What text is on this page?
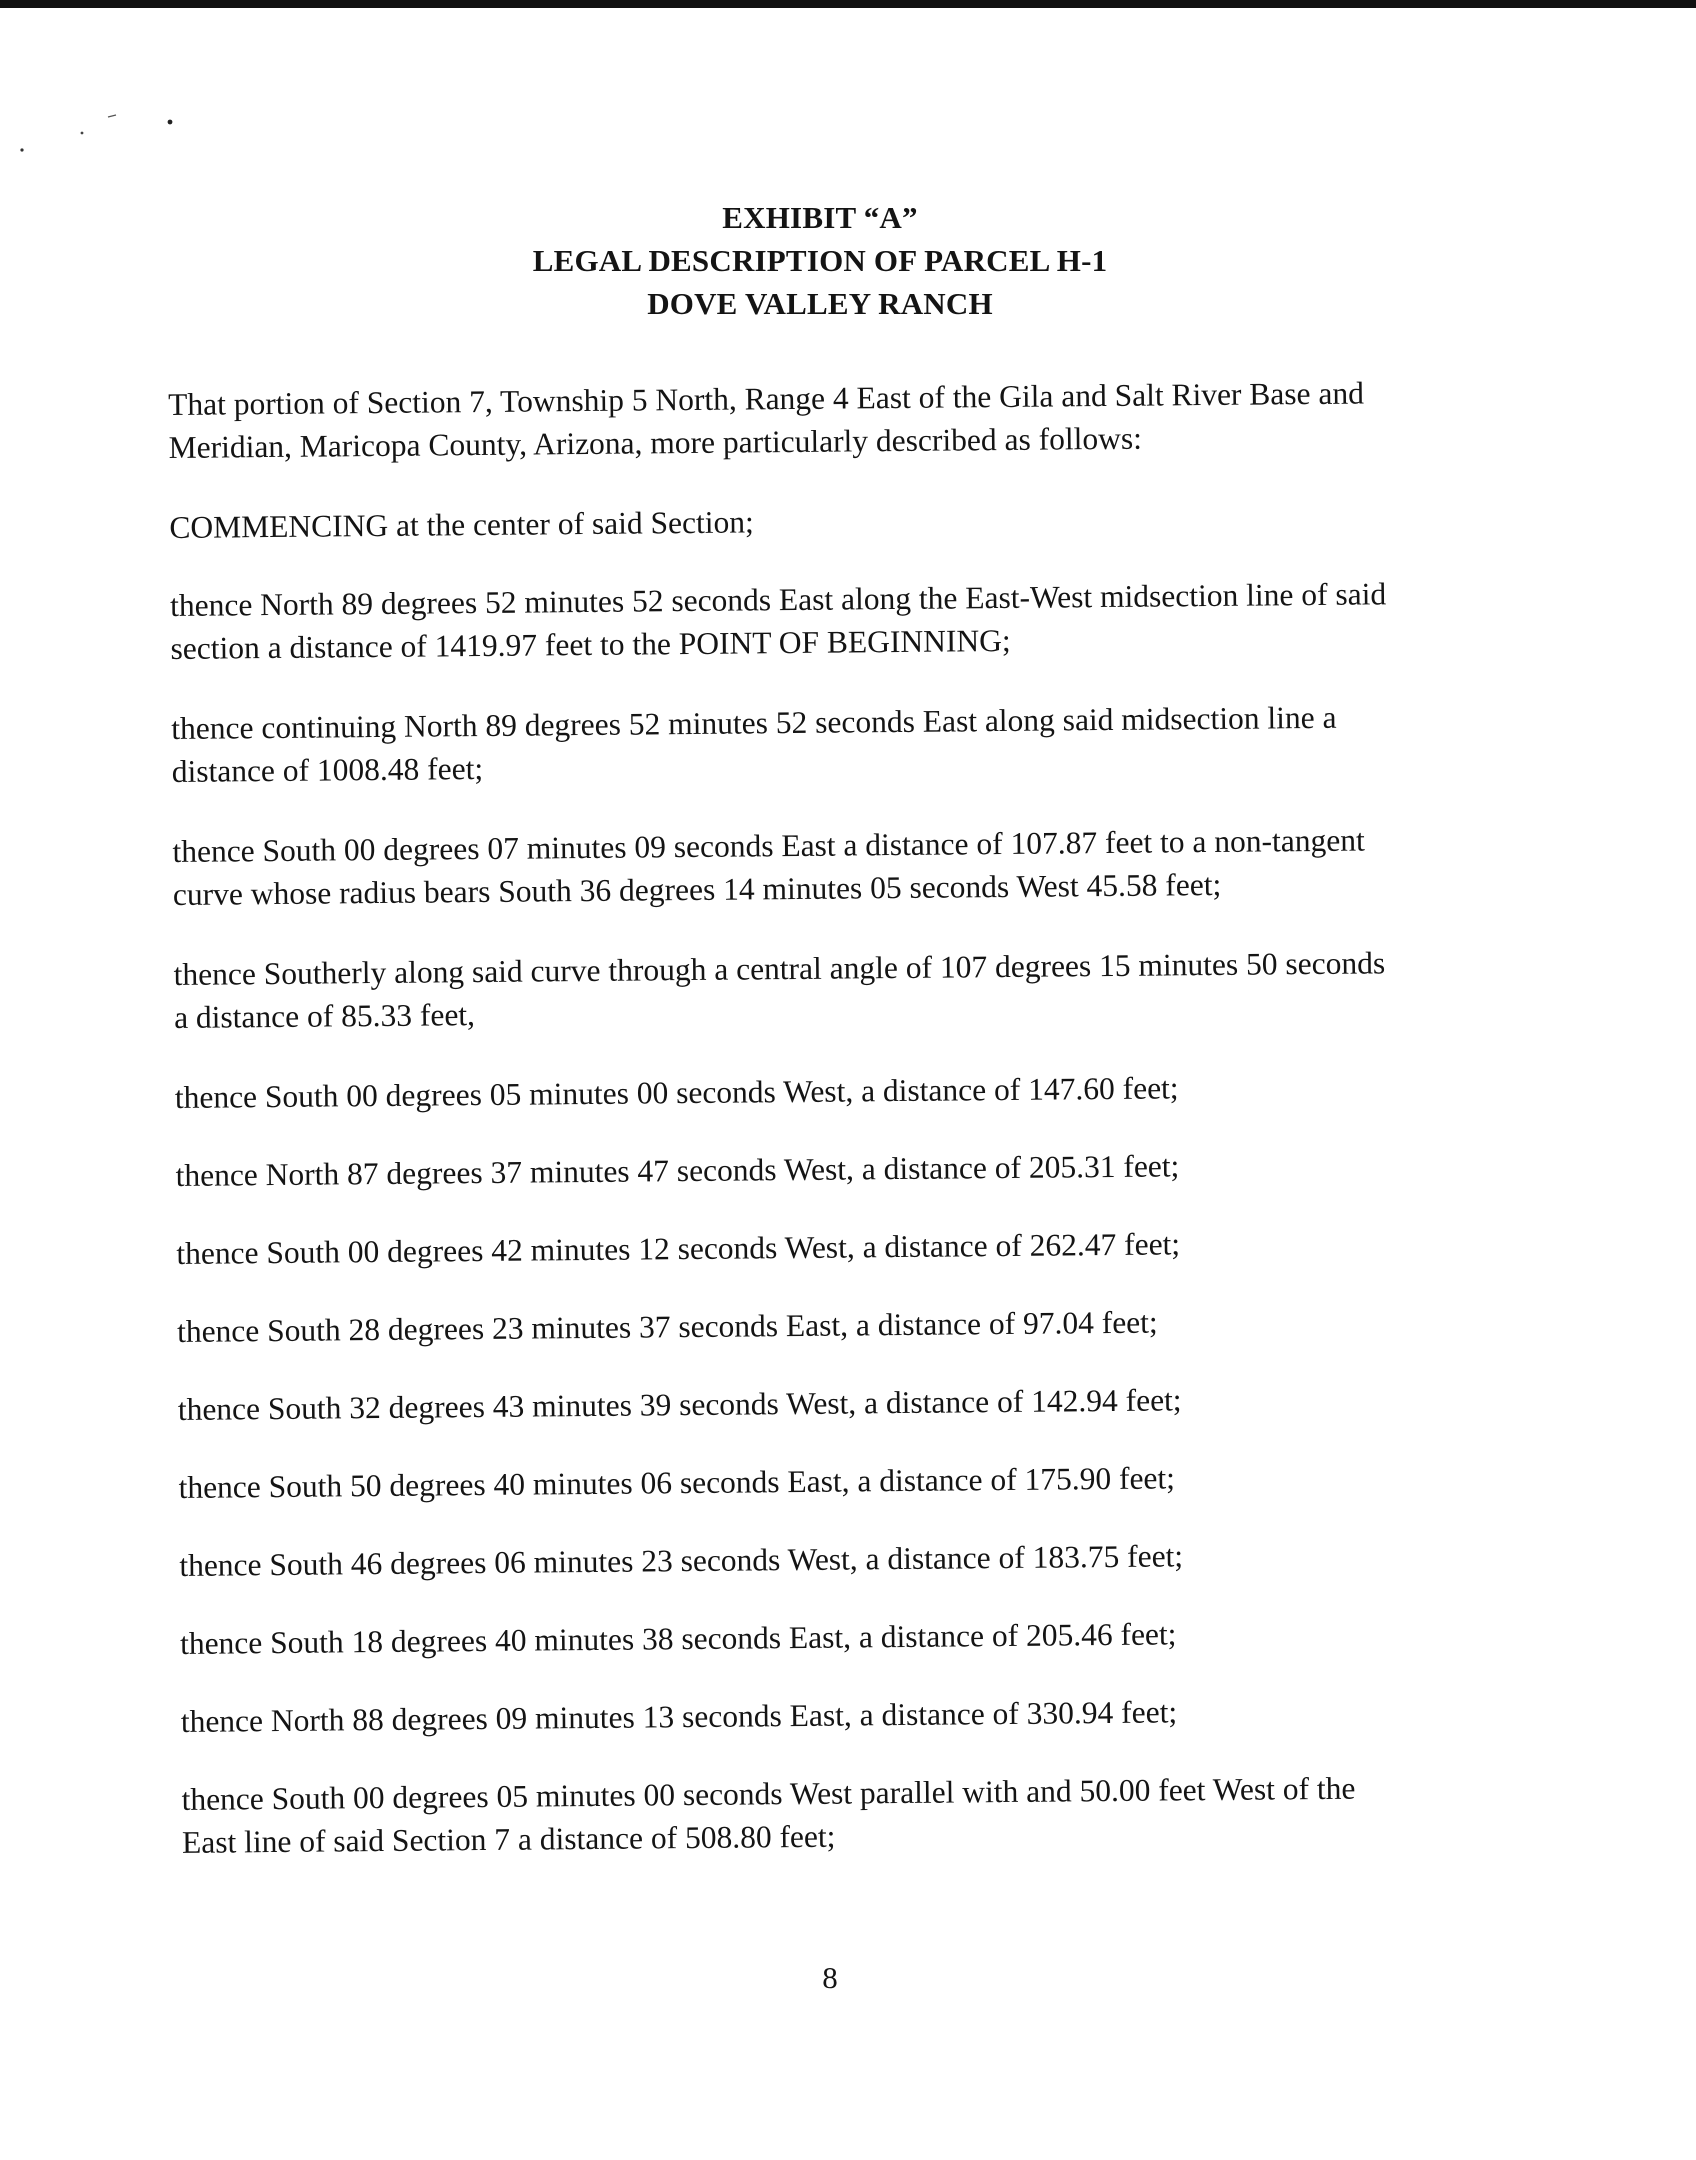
EXHIBIT “A”
LEGAL DESCRIPTION OF PARCEL H-1
DOVE VALLEY RANCH

That portion of Section 7, Township 5 North, Range 4 East of the Gila and Salt River Base and
Meridian, Maricopa County, Arizona, more particularly described as follows:

COMMENCING at the center of said Section;

thence North 89 degrees 52 minutes 52 seconds East along the East-West midsection line of said
section a distance of 1419.97 feet to the POINT OF BEGINNING;

thence continuing North 89 degrees 52 minutes 52 seconds East along said midsection line a
distance of 1008.48 feet;

thence South 00 degrees 07 minutes 09 seconds East a distance of 107.87 feet to a non-tangent
curve whose radius bears South 36 degrees 14 minutes 05 seconds West 45.58 feet;

thence Southerly along said curve through a central angle of 107 degrees 15 minutes 50 seconds
a distance of 85.33 feet,

thence South 00 degrees 05 minutes 00 seconds West, a distance of 147.60 feet;

thence North 87 degrees 37 minutes 47 seconds West, a distance of 205.31 feet;

thence South 00 degrees 42 minutes 12 seconds West, a distance of 262.47 feet;

thence South 28 degrees 23 minutes 37 seconds East, a distance of 97.04 feet;

thence South 32 degrees 43 minutes 39 seconds West, a distance of 142.94 feet;

thence South 50 degrees 40 minutes 06 seconds East, a distance of 175.90 feet;

thence South 46 degrees 06 minutes 23 seconds West, a distance of 183.75 feet;

thence South 18 degrees 40 minutes 38 seconds East, a distance of 205.46 feet;

thence North 88 degrees 09 minutes 13 seconds East, a distance of 330.94 feet;

thence South 00 degrees 05 minutes 00 seconds West parallel with and 50.00 feet West of the
East line of said Section 7 a distance of 508.80 feet;

8
